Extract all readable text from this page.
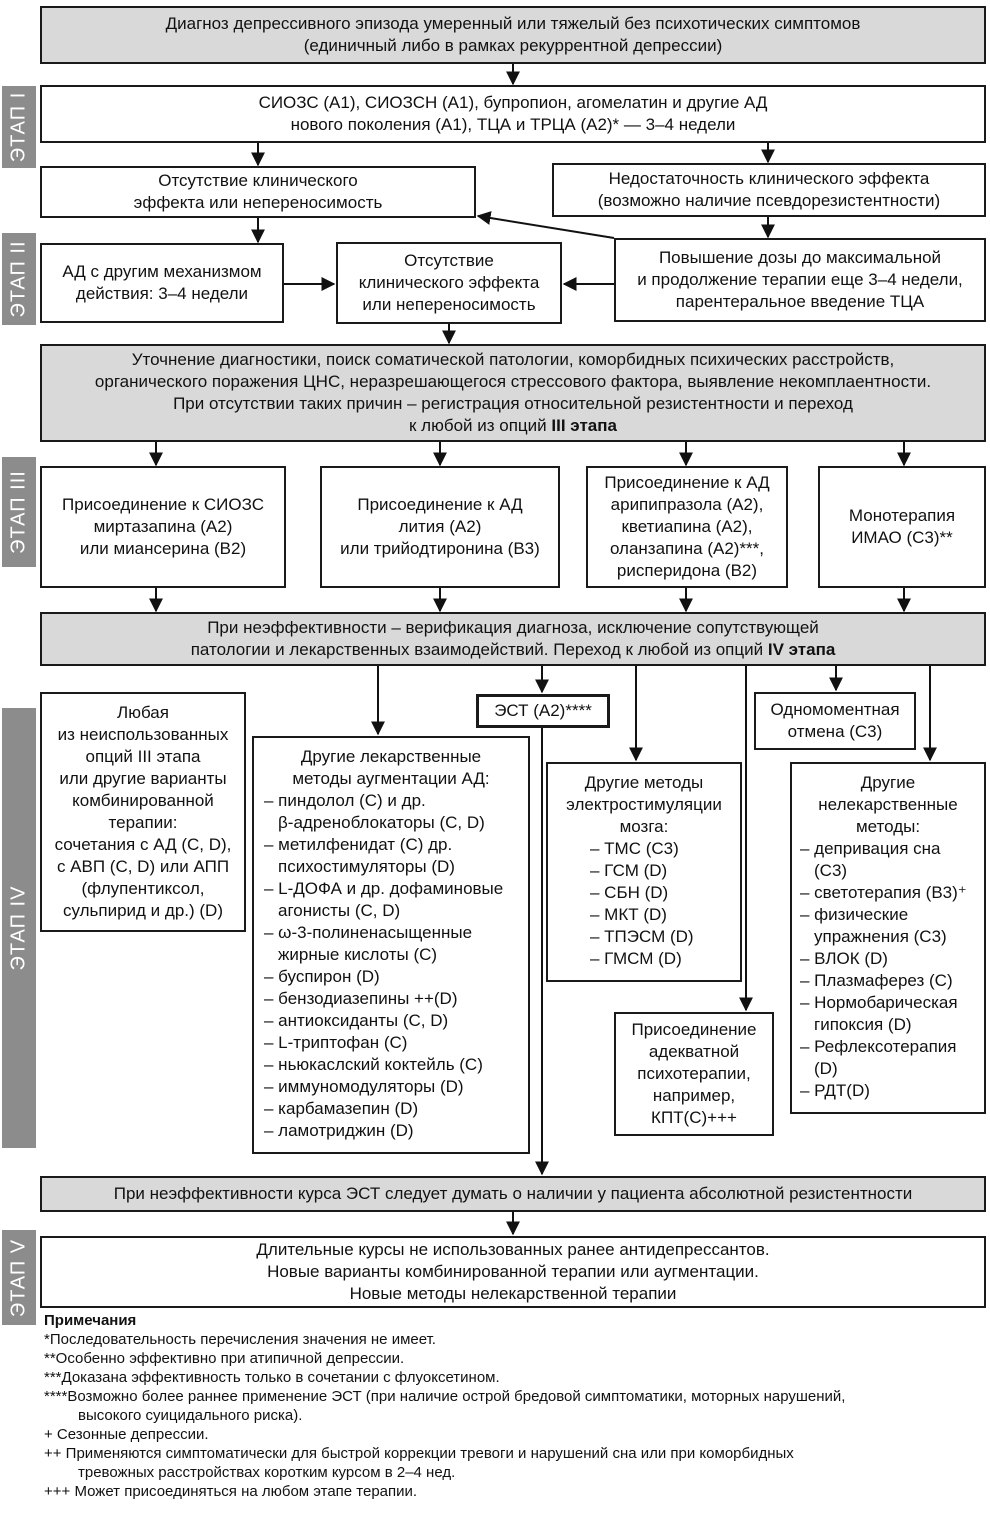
ЭТАП I
ЭТАП II
ЭТАП III
ЭТАП IV
ЭТАП V
Диагноз депрессивного эпизода умеренный или тяжелый без психотических симптомов
(единичный либо в рамках рекуррентной депрессии)
СИОЗС (А1), СИОЗСН (А1), бупропион, агомелатин и другие АД
нового поколения (А1), ТЦА и ТРЦА (А2)* — 3–4 недели
Отсутствие клинического
эффекта или непереносимость
Недостаточность клинического эффекта
(возможно наличие псевдорезистентности)
АД с другим механизмом
действия: 3–4 недели
Отсутствие
клинического эффекта
или непереносимость
Повышение дозы до максимальной
и продолжение терапии еще 3–4 недели,
парентеральное введение ТЦА
Уточнение диагностики, поиск соматической патологии, коморбидных психических расстройств,
органического поражения ЦНС, неразрешающегося стрессового фактора, выявление некомплаентности.
При отсутствии таких причин – регистрация относительной резистентности и переход
к любой из опций III этапа
Присоединение к СИОЗС
миртазапина (А2)
или миансерина (В2)
Присоединение к АД
лития (А2)
или трийодтиронина (В3)
Присоединение к АД
арипипразола (А2),
кветиапина (А2),
оланзапина (А2)***,
рисперидона (В2)
Монотерапия
ИМАО (С3)**
При неэффективности – верификация диагноза, исключение сопутствующей
патологии и лекарственных взаимодействий. Переход к любой из опций IV этапа
Любая
из неиспользованных
опций III этапа
или другие варианты
комбинированной
терапии:
сочетания с АД (С, D),
с АВП (С, D) или АПП
(флупентиксол,
сульпирид и др.) (D)
ЭСТ (А2)****	Одномоментная
отмена (С3)
Другие лекарственные
методы аугментации АД:
– пиндолол (С) и др.
β-адреноблокаторы (С, D)
– метилфенидат (С) др.
психостимуляторы (D)
– L-ДОФА и др. дофаминовые
агонисты (С, D)
– ω-3-полиненасыщенные
жирные кислоты (С)
– буспирон (D)
– бензодиазепины ++(D)
– антиоксиданты (С, D)
– L-триптофан (С)
– ньюкаслский коктейль (С)
– иммуномодуляторы (D)
– карбамазепин (D)
– ламотриджин (D)
Другие методы
электростимуляции
мозга:
– ТМС (С3)
– ГСМ (D)
– СБН (D)
– МКТ (D)
– ТПЭСМ (D)
– ГМСМ (D)
Другие
нелекарственные
методы:
– депривация сна
(С3)
– светотерапия (В3)⁺
– физические
упражнения (С3)
– ВЛОК (D)
– Плазмаферез (С)
– Нормобарическая
гипоксия (D)
– Рефлексотерапия
(D)
– РДТ(D)
Присоединение
адекватной
психотерапии,
например,
КПТ(С)+++
При неэффективности курса ЭСТ следует думать о наличии у пациента абсолютной резистентности
Длительные курсы не использованных ранее антидепрессантов.
Новые варианты комбинированной терапии или аугментации.
Новые методы нелекарственной терапии
Примечания
*Последовательность перечисления значения не имеет.
**Особенно эффективно при атипичной депрессии.
***Доказана эффективность только в сочетании с флуоксетином.
****Возможно более раннее применение ЭСТ (при наличие острой бредовой симптоматики, моторных нарушений,
высокого суицидального риска).
+ Сезонные депрессии.
++ Применяются симптоматически для быстрой коррекции тревоги и нарушений сна или при коморбидных
тревожных расстройствах коротким курсом в 2–4 нед.
+++ Может присоединяться на любом этапе терапии.
